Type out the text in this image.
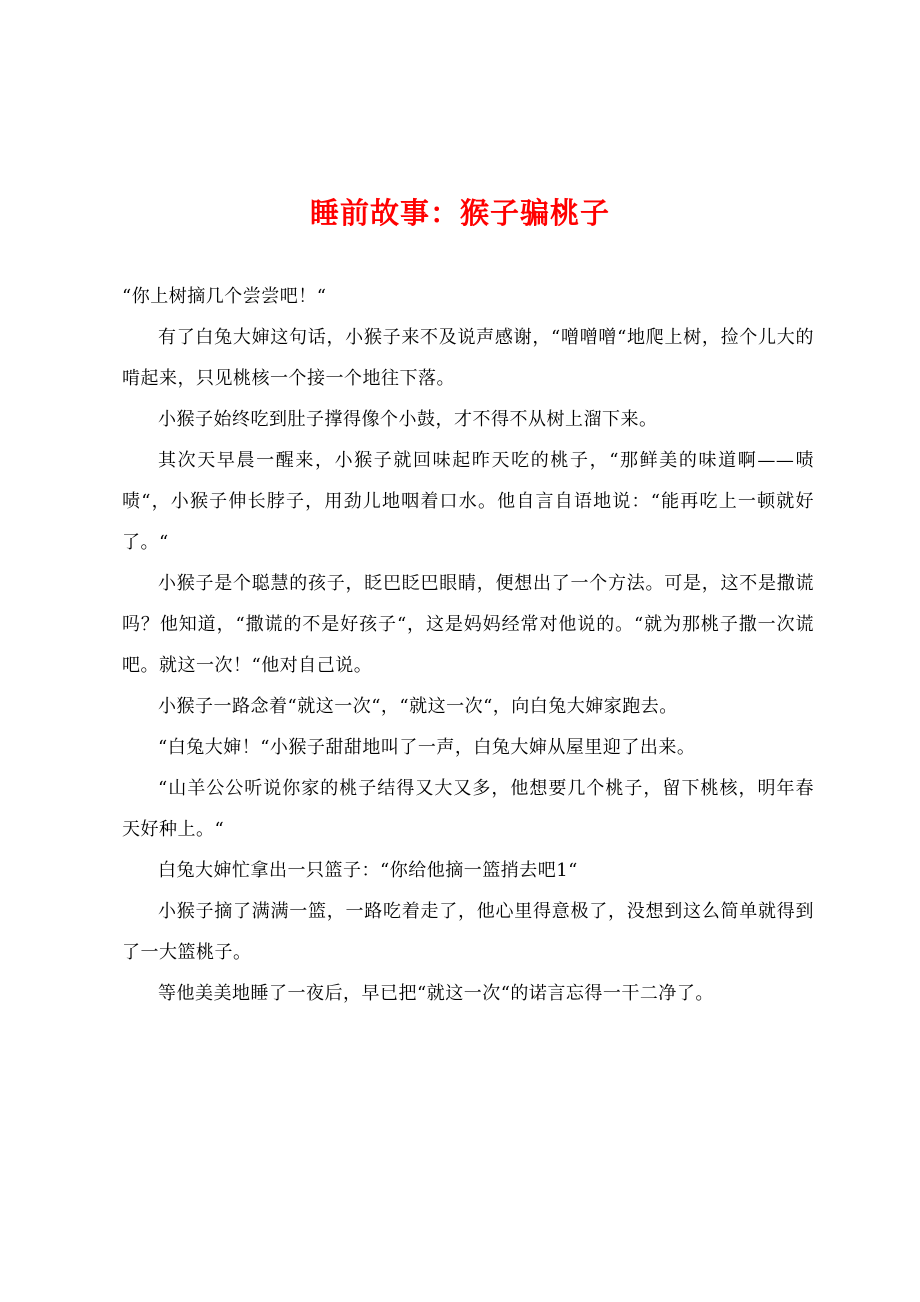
睡前故事：猴子骗桃子

“你上树摘几个尝尝吧！“

有了白兔大婶这句话，小猴子来不及说声感谢，“噌噌噌“地爬上树，捡个儿大的啃起来，只见桃核一个接一个地往下落。

小猴子始终吃到肚子撑得像个小鼓，才不得不从树上溜下来。

其次天早晨一醒来，小猴子就回味起昨天吃的桃子，“那鲜美的味道啊——啧啧“，小猴子伸长脖子，用劲儿地咽着口水。他自言自语地说：“能再吃上一顿就好了。“

小猴子是个聪慧的孩子，眨巴眨巴眼睛，便想出了一个方法。可是，这不是撒谎吗？他知道，“撒谎的不是好孩子“，这是妈妈经常对他说的。“就为那桃子撒一次谎吧。就这一次！“他对自己说。

小猴子一路念着“就这一次“，“就这一次“，向白兔大婶家跑去。

“白兔大婶！“小猴子甜甜地叫了一声，白兔大婶从屋里迎了出来。

“山羊公公听说你家的桃子结得又大又多，他想要几个桃子，留下桃核，明年春天好种上。“

白兔大婶忙拿出一只篮子：“你给他摘一篮捎去吧1“

小猴子摘了满满一篮，一路吃着走了，他心里得意极了，没想到这么简单就得到了一大篮桃子。

等他美美地睡了一夜后，早已把“就这一次“的诺言忘得一干二净了。
